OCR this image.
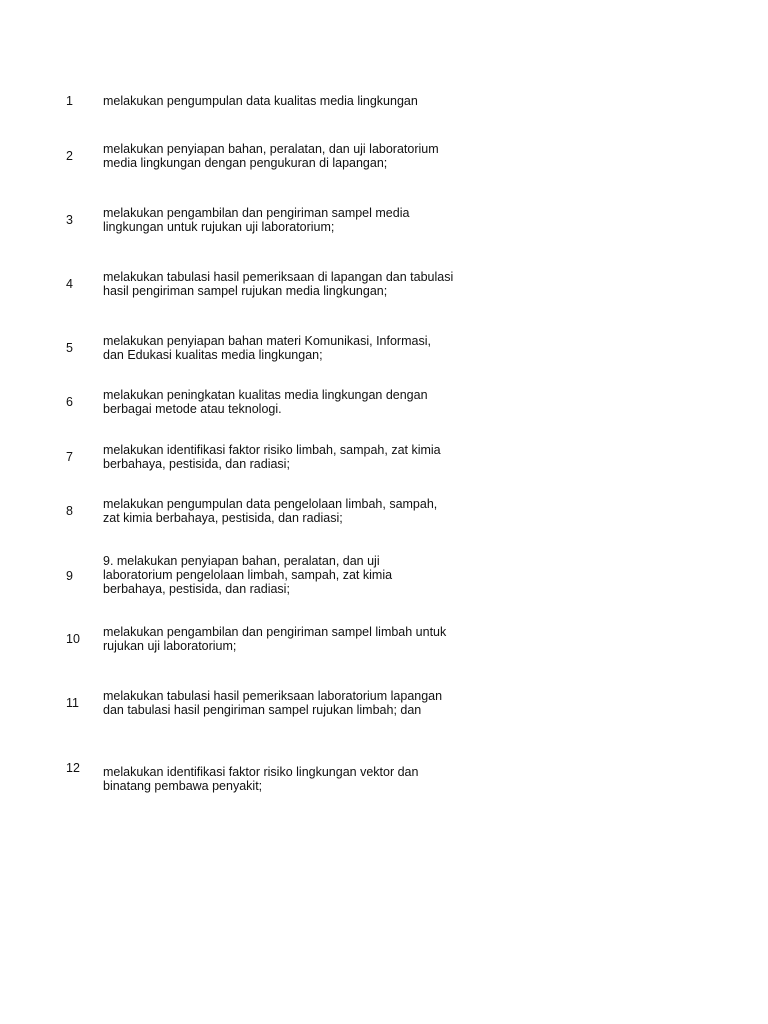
1 melakukan pengumpulan data kualitas media lingkungan
2 melakukan penyiapan bahan, peralatan, dan uji laboratorium
media lingkungan dengan pengukuran di lapangan;
3 melakukan pengambilan dan pengiriman sampel media
lingkungan untuk rujukan uji laboratorium;
4 melakukan tabulasi hasil pemeriksaan di lapangan dan tabulasi
hasil pengiriman sampel rujukan media lingkungan;
5 melakukan penyiapan bahan materi Komunikasi, Informasi,
dan Edukasi kualitas media lingkungan;
6 melakukan peningkatan kualitas media lingkungan dengan
berbagai metode atau teknologi.
7 melakukan identifikasi faktor risiko limbah, sampah, zat kimia
berbahaya, pestisida, dan radiasi;
8 melakukan pengumpulan data pengelolaan limbah, sampah,
zat kimia berbahaya, pestisida, dan radiasi;
9
9. melakukan penyiapan bahan, peralatan, dan uji
laboratorium pengelolaan limbah, sampah, zat kimia
berbahaya, pestisida, dan radiasi;
10 melakukan pengambilan dan pengiriman sampel limbah untuk
rujukan uji laboratorium;
11 melakukan tabulasi hasil pemeriksaan laboratorium lapangan
dan tabulasi hasil pengiriman sampel rujukan limbah; dan
12 melakukan identifikasi faktor risiko lingkungan vektor dan
binatang pembawa penyakit;
